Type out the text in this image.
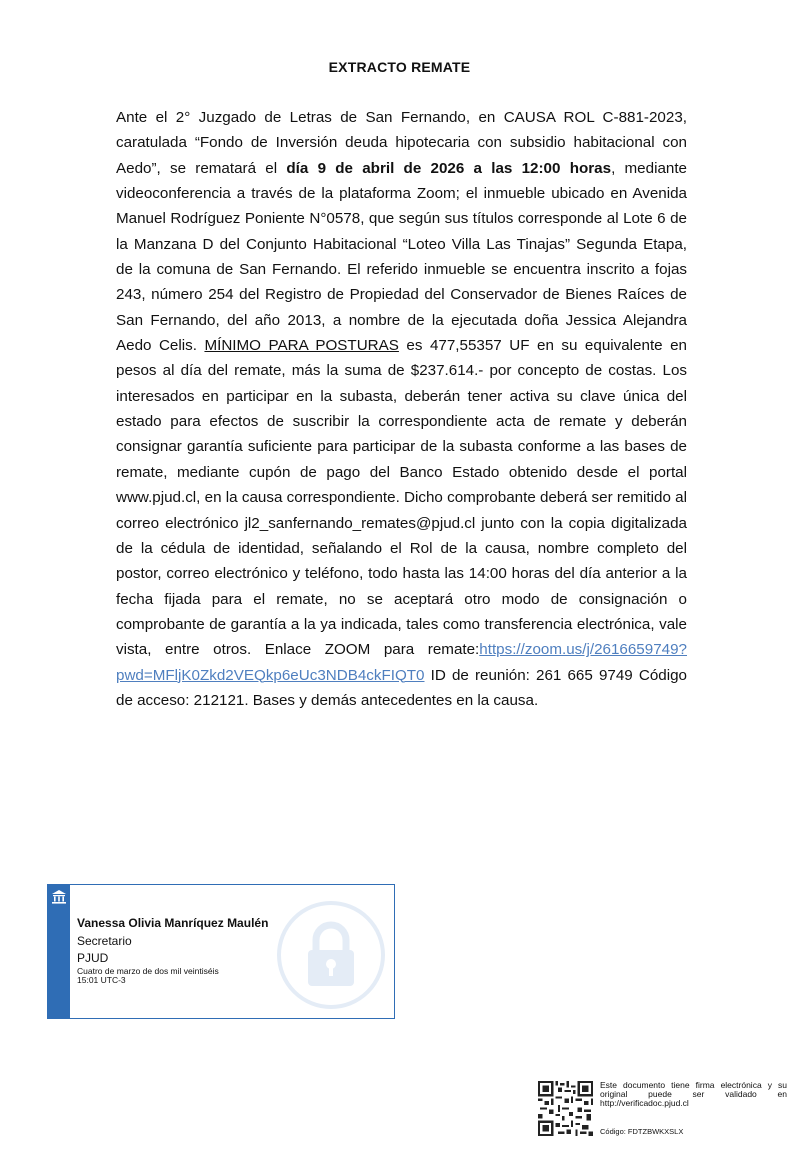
EXTRACTO REMATE
Ante el 2° Juzgado de Letras de San Fernando, en CAUSA ROL C-881-2023, caratulada “Fondo de Inversión deuda hipotecaria con subsidio habitacional con Aedo”, se rematará el día 9 de abril de 2026 a las 12:00 horas, mediante videoconferencia a través de la plataforma Zoom; el inmueble ubicado en Avenida Manuel Rodríguez Poniente N°0578, que según sus títulos corresponde al Lote 6 de la Manzana D del Conjunto Habitacional “Loteo Villa Las Tinajas” Segunda Etapa, de la comuna de San Fernando. El referido inmueble se encuentra inscrito a fojas 243, número 254 del Registro de Propiedad del Conservador de Bienes Raíces de San Fernando, del año 2013, a nombre de la ejecutada doña Jessica Alejandra Aedo Celis. MÍNIMO PARA POSTURAS es 477,55357 UF en su equivalente en pesos al día del remate, más la suma de $237.614.- por concepto de costas. Los interesados en participar en la subasta, deberán tener activa su clave única del estado para efectos de suscribir la correspondiente acta de remate y deberán consignar garantía suficiente para participar de la subasta conforme a las bases de remate, mediante cupón de pago del Banco Estado obtenido desde el portal www.pjud.cl, en la causa correspondiente. Dicho comprobante deberá ser remitido al correo electrónico jl2_sanfernando_remates@pjud.cl junto con la copia digitalizada de la cédula de identidad, señalando el Rol de la causa, nombre completo del postor, correo electrónico y teléfono, todo hasta las 14:00 horas del día anterior a la fecha fijada para el remate, no se aceptará otro modo de consignación o comprobante de garantía a la ya indicada, tales como transferencia electrónica, vale vista, entre otros. Enlace ZOOM para remate:https://zoom.us/j/2616659749?pwd=MFljK0Zkd2VEQkp6eUc3NDB4ckFIQT0 ID de reunión: 261 665 9749 Código de acceso: 212121. Bases y demás antecedentes en la causa.
Vanessa Olivia Manríquez Maulén
Secretario
PJUD
Cuatro de marzo de dos mil veintiséis
15:01 UTC-3
Este documento tiene firma electrónica y su original puede ser validado en http://verificadoc.pjud.cl
Código: FDTZBWKXSLX
